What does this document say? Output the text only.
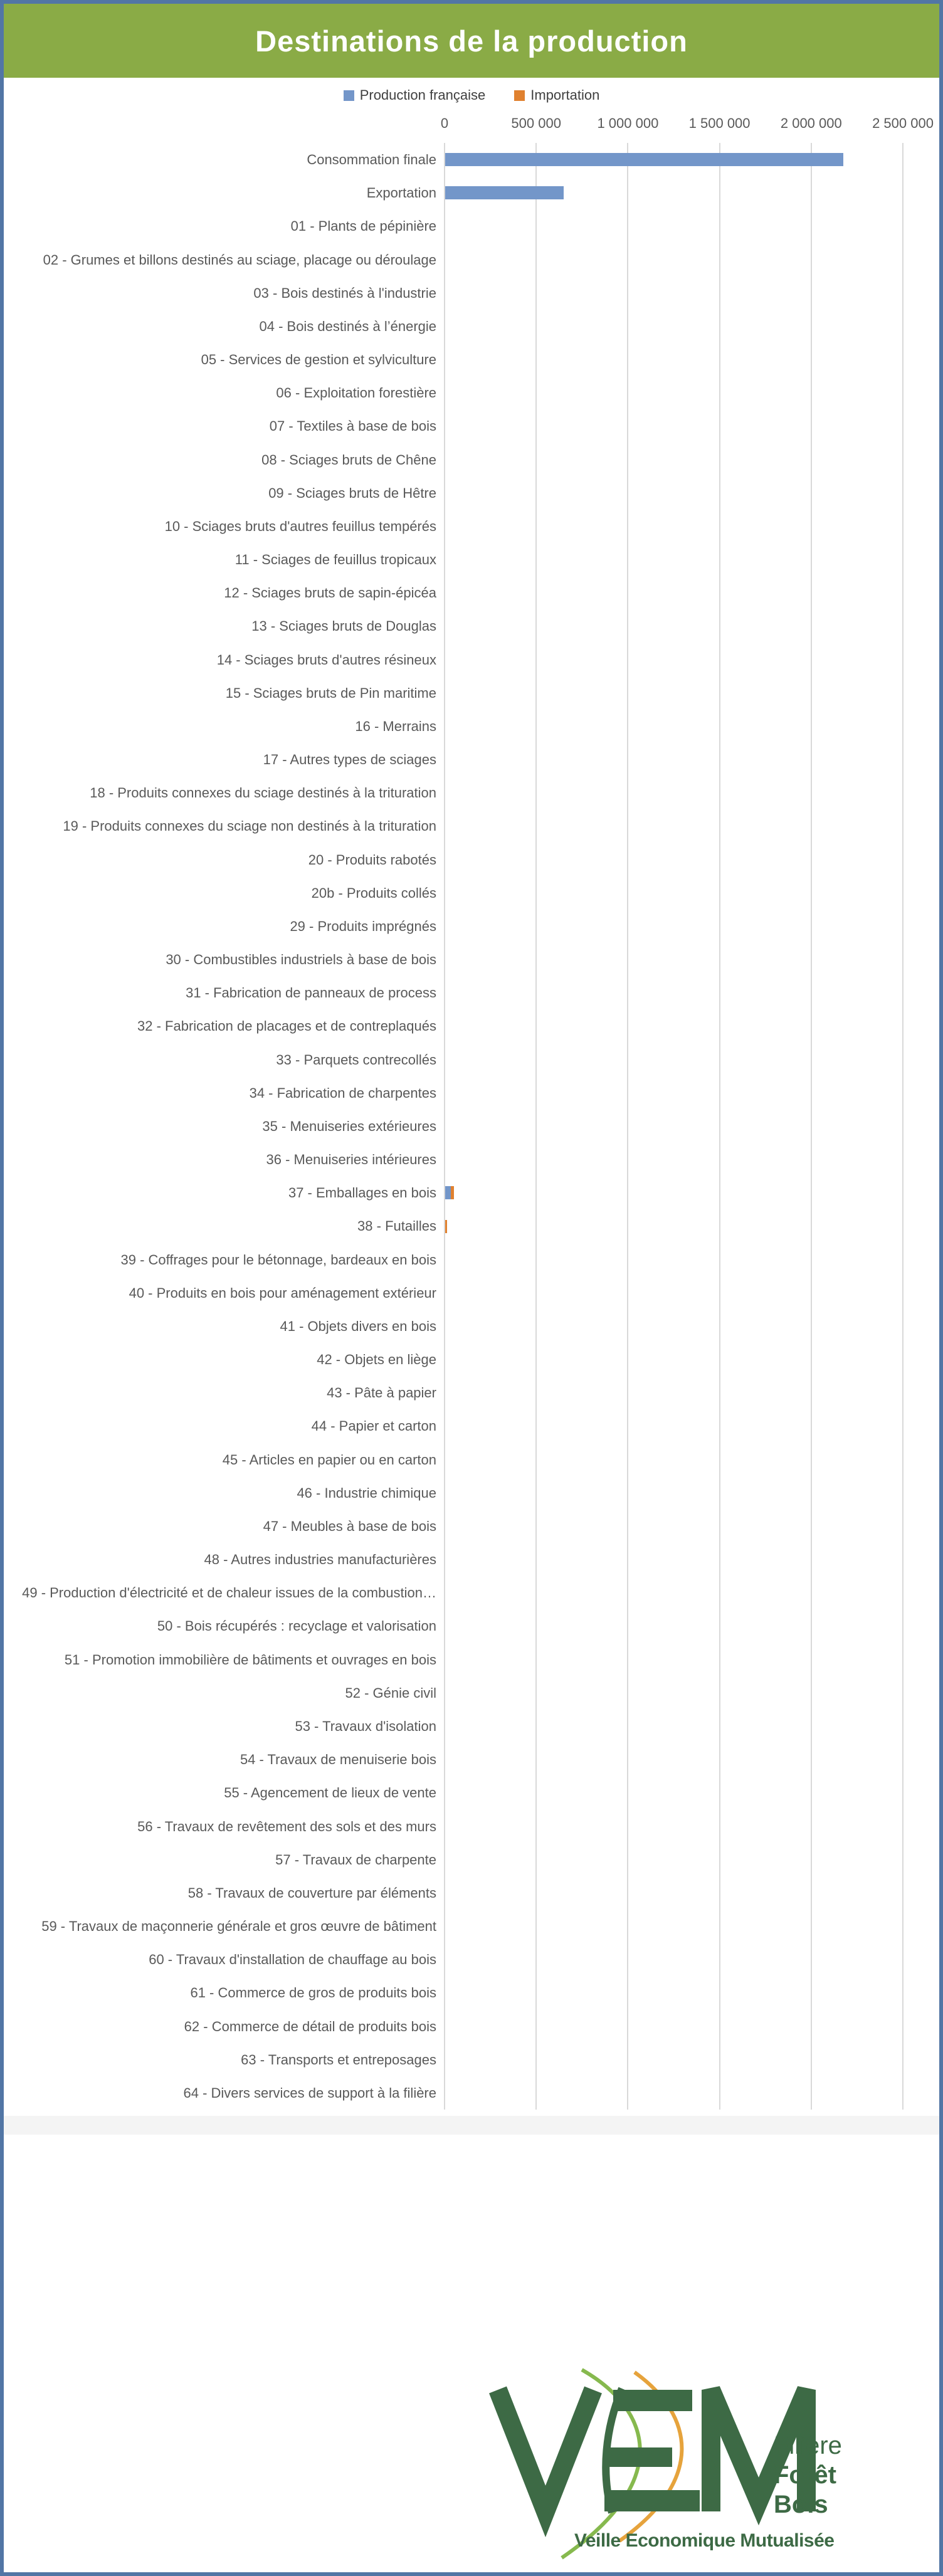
Destinations de la production
Production française	Importation
0	500 000	1 000 000	1 500 000	2 000 000	2 500 000
Consommation finale
Exportation
01 - Plants de pépinière
02 - Grumes et billons destinés au sciage, placage ou déroulage
03 - Bois destinés à l'industrie
04 - Bois destinés à l’énergie
05 - Services de gestion et sylviculture
06 - Exploitation forestière
07 - Textiles à base de bois
08 - Sciages bruts de Chêne
09 - Sciages bruts de Hêtre
10 - Sciages bruts d'autres feuillus tempérés
11 - Sciages de feuillus tropicaux
12 - Sciages bruts de sapin-épicéa
13 - Sciages bruts de Douglas
14 - Sciages bruts d'autres résineux
15 - Sciages bruts de Pin maritime
16 - Merrains
17 - Autres types de sciages
18 - Produits connexes du sciage destinés à la trituration
19 - Produits connexes du sciage non destinés à la trituration
20 - Produits rabotés
20b - Produits collés
29 - Produits imprégnés
30 - Combustibles industriels à base de bois
31 - Fabrication de panneaux de process
32 - Fabrication de placages et de contreplaqués
33 - Parquets contrecollés
34 - Fabrication de charpentes
35 - Menuiseries extérieures
36 - Menuiseries intérieures
37 - Emballages en bois
38 - Futailles
39 - Coffrages pour le bétonnage, bardeaux en bois
40 - Produits en bois pour aménagement extérieur
41 - Objets divers en bois
42 - Objets en liège
43 - Pâte à papier
44 - Papier et carton
45 - Articles en papier ou en carton
46 - Industrie chimique
47 - Meubles à base de bois
48 - Autres industries manufacturières
49 - Production d'électricité et de chaleur issues de la combustion…
50 - Bois récupérés : recyclage et valorisation
51 - Promotion immobilière de bâtiments et ouvrages en bois
52 - Génie civil
53 - Travaux d'isolation
54 - Travaux de menuiserie bois
55 - Agencement de lieux de vente
56 - Travaux de revêtement des sols et des murs
57 - Travaux de charpente
58 - Travaux de couverture par éléments
59 - Travaux de maçonnerie générale et gros œuvre de bâtiment
60 - Travaux d'installation de chauffage au bois
61 - Commerce de gros de produits bois
62 - Commerce de détail de produits bois
63 - Transports et entreposages
64 - Divers services de support à la filière
Filière
Forêt
Bois
Veille Economique Mutualisée
